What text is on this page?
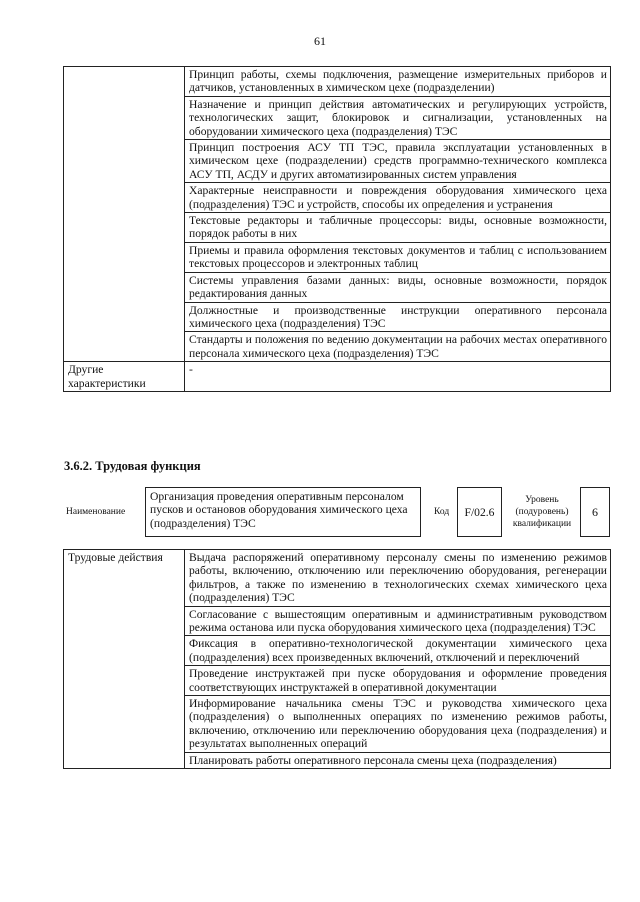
61
	Принцип работы, схемы подключения, размещение измерительных приборов и датчиков, установленных в химическом цехе (подразделении)
	Назначение и принцип действия автоматических и регулирующих устройств, технологических защит, блокировок и сигнализации, установленных на оборудовании химического цеха (подразделения) ТЭС
	Принцип построения АСУ ТП ТЭС, правила эксплуатации установленных в химическом цехе (подразделении) средств программно-технического комплекса АСУ ТП, АСДУ и других автоматизированных систем управления
	Характерные неисправности и повреждения оборудования химического цеха (подразделения) ТЭС и устройств, способы их определения и устранения
	Текстовые редакторы и табличные процессоры: виды, основные возможности, порядок работы в них
	Приемы и правила оформления текстовых документов и таблиц с использованием текстовых процессоров и электронных таблиц
	Системы управления базами данных: виды, основные возможности, порядок редактирования данных
	Должностные и производственные инструкции оперативного персонала химического цеха (подразделения) ТЭС
	Стандарты и положения по ведению документации на рабочих местах оперативного персонала химического цеха (подразделения) ТЭС
Другие характеристики	-
3.6.2. Трудовая функция
Наименование
Организация проведения оперативным персоналом пусков и остановов оборудования химического цеха (подразделения) ТЭС
Код F/02.6
Уровень (подуровень) квалификации
6
Трудовые действия	Выдача распоряжений оперативному персоналу смены по изменению режимов работы, включению, отключению или переключению оборудования, регенерации фильтров, а также по изменению в технологических схемах химического цеха (подразделения) ТЭС
Согласование с вышестоящим оперативным и административным руководством режима останова или пуска оборудования химического цеха (подразделения) ТЭС
Фиксация в оперативно-технологической документации химического цеха (подразделения) всех произведенных включений, отключений и переключений
Проведение инструктажей при пуске оборудования и оформление проведения соответствующих инструктажей в оперативной документации
Информирование начальника смены ТЭС и руководства химического цеха (подразделения) о выполненных операциях по изменению режимов работы, включению, отключению или переключению оборудования цеха (подразделения) и результатах выполненных операций
Планировать работы оперативного персонала смены цеха (подразделения)
